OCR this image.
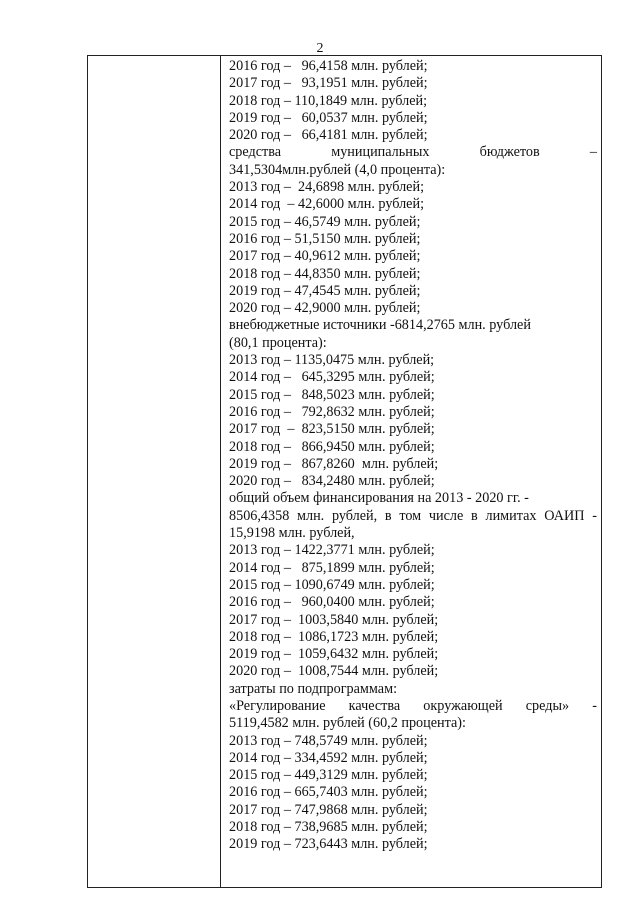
2
2016 год –   96,4158 млн. рублей;
2017 год –   93,1951 млн. рублей;
2018 год – 110,1849 млн. рублей;
2019 год –   60,0537 млн. рублей;
2020 год –   66,4181 млн. рублей;
средства	муниципальных	бюджетов	–
341,5304млн.рублей (4,0 процента):
2013 год –  24,6898 млн. рублей;
2014 год  – 42,6000 млн. рублей;
2015 год – 46,5749 млн. рублей;
2016 год – 51,5150 млн. рублей;
2017 год – 40,9612 млн. рублей;
2018 год – 44,8350 млн. рублей;
2019 год – 47,4545 млн. рублей;
2020 год – 42,9000 млн. рублей;
внебюджетные источники -6814,2765 млн. рублей
(80,1 процента):
2013 год – 1135,0475 млн. рублей;
2014 год –   645,3295 млн. рублей;
2015 год –   848,5023 млн. рублей;
2016 год –   792,8632 млн. рублей;
2017 год  –  823,5150 млн. рублей;
2018 год –   866,9450 млн. рублей;
2019 год –   867,8260  млн. рублей;
2020 год –   834,2480 млн. рублей;
общий объем финансирования на 2013 - 2020 гг. -
8506,4358 млн. рублей, в том числе в лимитах ОАИП -
15,9198 млн. рублей,
2013 год – 1422,3771 млн. рублей;
2014 год –   875,1899 млн. рублей;
2015 год – 1090,6749 млн. рублей;
2016 год –   960,0400 млн. рублей;
2017 год –  1003,5840 млн. рублей;
2018 год –  1086,1723 млн. рублей;
2019 год –  1059,6432 млн. рублей;
2020 год –  1008,7544 млн. рублей;
затраты по подпрограммам:
«Регулирование качества окружающей среды» -
5119,4582 млн. рублей (60,2 процента):
2013 год – 748,5749 млн. рублей;
2014 год – 334,4592 млн. рублей;
2015 год – 449,3129 млн. рублей;
2016 год – 665,7403 млн. рублей;
2017 год – 747,9868 млн. рублей;
2018 год – 738,9685 млн. рублей;
2019 год – 723,6443 млн. рублей;
